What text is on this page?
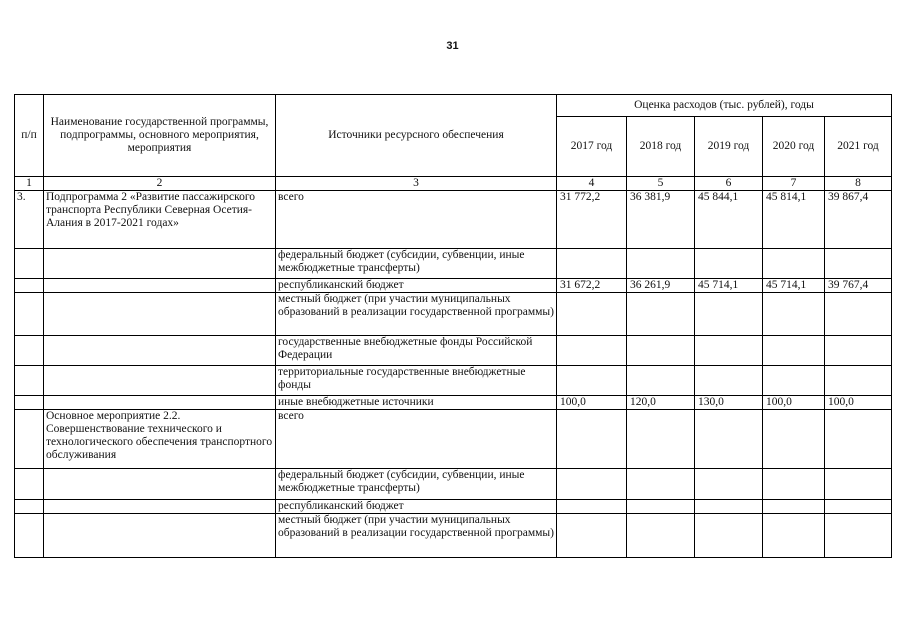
31
п/п	Наименование государственной программы, подпрограммы, основного мероприятия, мероприятия	Источники ресурсного обеспечения	Оценка расходов (тыс. рублей), годы				
			2017 год	2018 год	2019 год	2020 год	2021 год
1	2	3	4	5	6	7	8
3.	Подпрограмма 2 «Развитие пассажирского транспорта Республики Северная Осетия-Алания в 2017-2021 годах»	всего	31 772,2	36 381,9	45 844,1	45 814,1	39 867,4
		федеральный бюджет (субсидии, субвенции, иные межбюджетные трансферты)					
		республиканский бюджет	31 672,2	36 261,9	45 714,1	45 714,1	39 767,4
		местный бюджет (при участии муниципальных образований в реализации государственной программы)					
		государственные внебюджетные фонды Российской Федерации					
		территориальные государственные внебюджетные фонды					
		иные внебюджетные источники	100,0	120,0	130,0	100,0	100,0
	Основное мероприятие 2.2. Совершенствование технического и технологического обеспечения транспортного обслуживания	всего					
		федеральный бюджет (субсидии, субвенции, иные межбюджетные трансферты)					
		республиканский бюджет					
		местный бюджет (при участии муниципальных образований в реализации государственной программы)					
